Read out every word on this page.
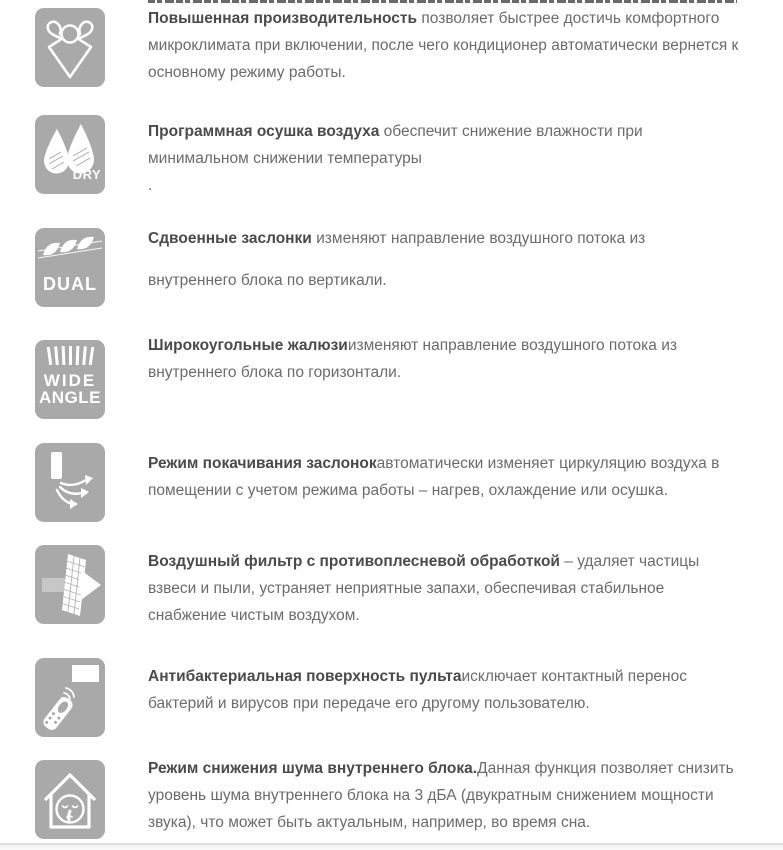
Повышенная производительность позволяет быстрее достичь комфортного микроклимата при включении, после чего кондиционер автоматически вернется к основному режиму работы.
DRY
Программная осушка воздуха обеспечит снижение влажности при минимальном снижении температуры
.
DUAL
Сдвоенные заслонки изменяют направление воздушного потока из
внутреннего блока по вертикали.
WIDE
ANGLE
Широкоугольные жалюзиизменяют направление воздушного потока из внутреннего блока по горизонтали.
Режим покачивания заслонокавтоматически изменяет циркуляцию воздуха в помещении с учетом режима работы – нагрев, охлаждение или осушка.
Воздушный фильтр с противоплесневой обработкой – удаляет частицы взвеси и пыли, устраняет неприятные запахи, обеспечивая стабильное снабжение чистым воздухом.
Антибактериальная поверхность пультаисключает контактный перенос бактерий и вирусов при передаче его другому пользователю.
Режим снижения шума внутреннего блока.Данная функция позволяет снизить уровень шума внутреннего блока на 3 дБА (двукратным снижением мощности звука), что может быть актуальным, например, во время сна.
